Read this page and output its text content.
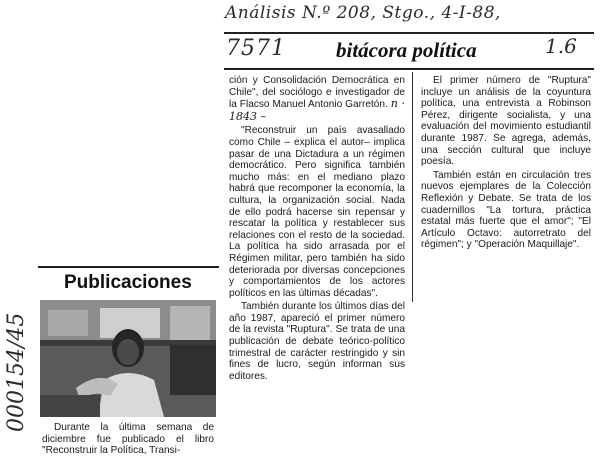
Análisis N.º 208, Stgo., 4-I-88,
7571 bitácora política	1.6

ción y Consolidación Democrática en Chile", del sociólogo e investigador de la Flacso Manuel Antonio Garretón. n · 1843 –

"Reconstruir un país avasallado como Chile – explica el autor– implica pasar de una Dictadura a un régimen democrático. Pero significa también mucho más: en el mediano plazo habrá que recomponer la economía, la cultura, la organización social. Nada de ello podrá hacerse sin repensar y rescatar la política y restablecer sus relaciones con el resto de la sociedad. La política ha sido arrasada por el Régimen militar, pero también ha sido deteriorada por diversas concepciones y comportamientos de los actores políticos en las últimas décadas".

También durante los últimos días del año 1987, apareció el primer número de la revista "Ruptura". Se trata de una publicación de debate teórico-político trimestral de carácter restringido y sin fines de lucro, según informan sus editores.

El primer número de "Ruptura" incluye un análisis de la coyuntura política, una entrevista a Robinson Pérez, dirigente socialista, y una evaluación del movimiento estudiantil durante 1987. Se agrega, además, una sección cultural que incluye poesía.

También están en circulación tres nuevos ejemplares de la Colección Reflexión y Debate. Se trata de los cuadernillos "La tortura, práctica estatal más fuerte que el amor"; "El Artículo Octavo: autorretrato del régimen"; y "Operación Maquillaje".

Publicaciones

Durante la última semana de diciembre fue publicado el libro "Reconstruir la Política, Transi-

000154/45
